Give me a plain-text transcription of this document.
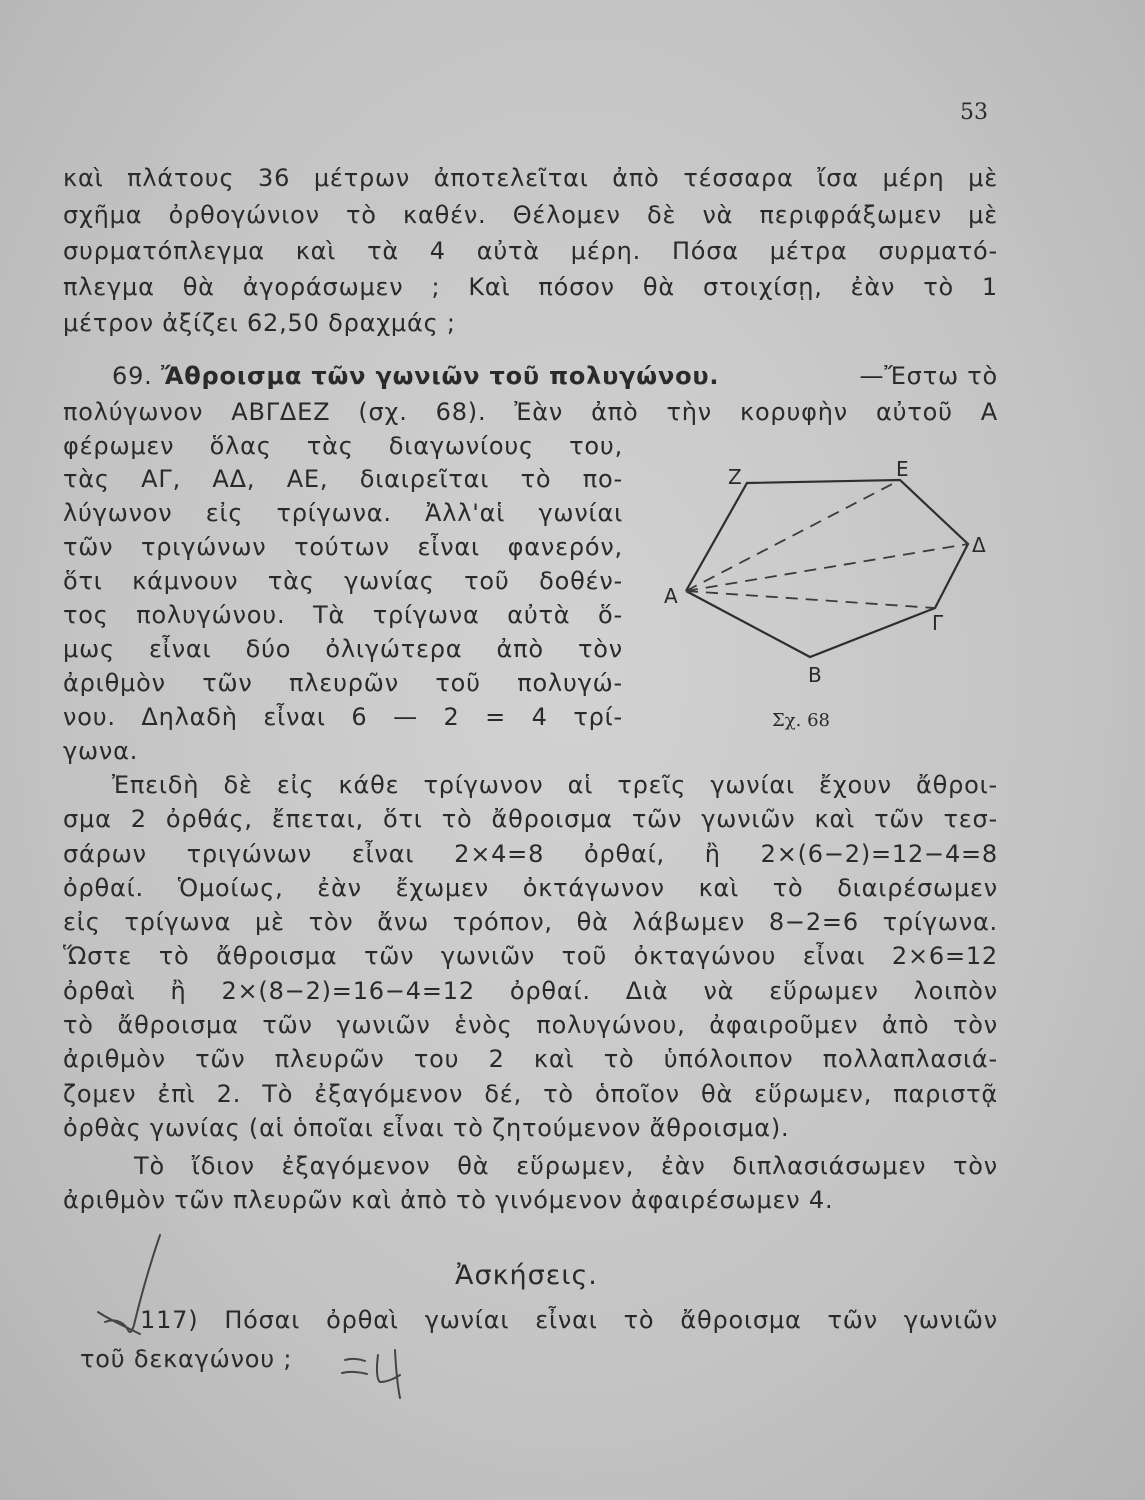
53
καὶ πλάτους 36 μέτρων ἀποτελεῖται ἀπὸ τέσσαρα ἴσα μέρη μὲ
σχῆμα ὀρθογώνιον τὸ καθέν. Θέλομεν δὲ νὰ περιφράξωμεν μὲ
συρματόπλεγμα καὶ τὰ 4 αὐτὰ μέρη. Πόσα μέτρα συρματό-
πλεγμα θὰ ἀγοράσωμεν ; Καὶ πόσον θὰ στοιχίσῃ, ἐὰν τὸ 1
μέτρον ἀξίζει 62,50 δραχμάς ;
69. Ἄθροισμα τῶν γωνιῶν τοῦ πολυγώνου.	—Ἔστω τὸ
πολύγωνον ΑΒΓΔΕΖ (σχ. 68). Ἐὰν ἀπὸ τὴν κορυφὴν αὐτοῦ Α
φέρωμεν ὅλας τὰς διαγωνίους του,
τὰς ΑΓ, ΑΔ, ΑΕ, διαιρεῖται τὸ πο-
λύγωνον εἰς τρίγωνα. Ἀλλ'αἱ γωνίαι
τῶν τριγώνων τούτων εἶναι φανερόν,
ὅτι κάμνουν τὰς γωνίας τοῦ δοθέν-
τος πολυγώνου. Τὰ τρίγωνα αὐτὰ ὅ-
μως εἶναι δύο ὀλιγώτερα ἀπὸ τὸν
ἀριθμὸν τῶν πλευρῶν τοῦ πολυγώ-
νου. Δηλαδὴ εἶναι 6 — 2 = 4 τρί-
γωνα.
Α
Β
Γ
Δ
Ε
Ζ
Σχ. 68
Ἐπειδὴ δὲ εἰς κάθε τρίγωνον αἱ τρεῖς γωνίαι ἔχουν ἄθροι-
σμα 2 ὀρθάς, ἔπεται, ὅτι τὸ ἄθροισμα τῶν γωνιῶν καὶ τῶν τεσ-
σάρων τριγώνων εἶναι 2×4=8 ὀρθαί, ἢ 2×(6−2)=12−4=8
ὀρθαί. Ὁμοίως, ἐὰν ἔχωμεν ὀκτάγωνον καὶ τὸ διαιρέσωμεν
εἰς τρίγωνα μὲ τὸν ἄνω τρόπον, θὰ λάβωμεν 8−2=6 τρίγωνα.
Ὥστε τὸ ἄθροισμα τῶν γωνιῶν τοῦ ὀκταγώνου εἶναι 2×6=12
ὀρθαὶ ἢ 2×(8−2)=16−4=12 ὀρθαί. Διὰ νὰ εὕρωμεν λοιπὸν
τὸ ἄθροισμα τῶν γωνιῶν ἑνὸς πολυγώνου, ἀφαιροῦμεν ἀπὸ τὸν
ἀριθμὸν τῶν πλευρῶν του 2 καὶ τὸ ὑπόλοιπον πολλαπλασιά-
ζομεν ἐπὶ 2. Τὸ ἐξαγόμενον δέ, τὸ ὁποῖον θὰ εὕρωμεν, παριστᾷ
ὀρθὰς γωνίας (αἱ ὁποῖαι εἶναι τὸ ζητούμενον ἄθροισμα).
Τὸ ἴδιον ἐξαγόμενον θὰ εὕρωμεν, ἐὰν διπλασιάσωμεν τὸν
ἀριθμὸν τῶν πλευρῶν καὶ ἀπὸ τὸ γινόμενον ἀφαιρέσωμεν 4.
Ἀσκήσεις.
117) Πόσαι ὀρθαὶ γωνίαι εἶναι τὸ ἄθροισμα τῶν γωνιῶν
τοῦ δεκαγώνου ;
